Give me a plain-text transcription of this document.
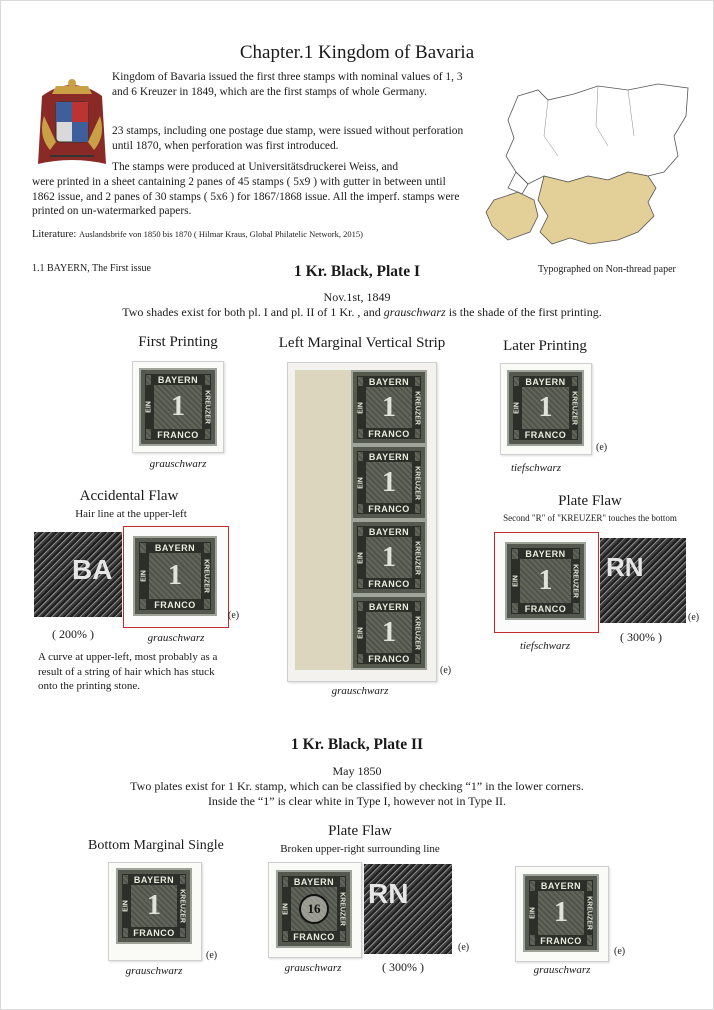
Chapter.1 Kingdom of Bavaria
Kingdom of Bavaria issued the first three stamps with nominal values of 1, 3 and 6 Kreuzer in 1849, which are the first stamps of whole Germany.
23 stamps, including one postage due stamp, were issued without perforation until 1870, when perforation was first introduced.
The stamps were produced at Universitätsdruckerei Weiss, and
were printed in a sheet cantaining 2 panes of 45 stamps ( 5x9 ) with gutter in between until 1862 issue, and 2 panes of 30 stamps ( 5x6 ) for 1867/1868 issue. All the imperf. stamps were printed on un-watermarked papers.
Literature: Auslandsbrife von 1850 bis 1870 ( Hilmar Kraus, Global Philatelic Network, 2015)
1.1 BAYERN, The First issue	1 Kr. Black, Plate I	Typographed on Non-thread paper
Nov.1st, 1849
Two shades exist for both pl. I and pl. II of 1 Kr. , and grauschwarz is the shade of the first printing.
First Printing	Left Marginal Vertical Strip	Later Printing
BAYERN
FRANCO
EIN	KREUZER
1
grauschwarz
BAYERN
FRANCO
EIN	KREUZER
1
BAYERN
FRANCO
EIN	KREUZER
1
BAYERN
FRANCO
EIN	KREUZER
1
BAYERN
FRANCO
EIN	KREUZER
1
(e)
grauschwarz
BAYERN
FRANCO
EIN	KREUZER
1
(e)
tiefschwarz
Accidental Flaw
Hair line at the upper-left
BA
BAYERN
FRANCO
EIN	KREUZER
1
(e)
( 200% )	grauschwarz
A curve at upper-left, most probably as a result of a string of hair which has stuck onto the printing stone.
Plate Flaw
Second "R" of "KREUZER" touches the bottom
BAYERN
FRANCO
EIN	KREUZER
1	RN
(e)
( 300% )
tiefschwarz
1 Kr. Black, Plate II
May 1850
Two plates exist for 1 Kr. stamp, which can be classified by checking “1” in the lower corners.
Inside the “1” is clear white in Type I, however not in Type II.
Bottom Marginal Single
Plate Flaw
Broken upper-right surrounding line
BAYERN
FRANCO
EIN	KREUZER
1
(e)
grauschwarz
BAYERN
FRANCO
EIN	KREUZER
16	RN
(e)
grauschwarz	( 300% )
BAYERN
FRANCO
EIN	KREUZER
1
(e)
grauschwarz
